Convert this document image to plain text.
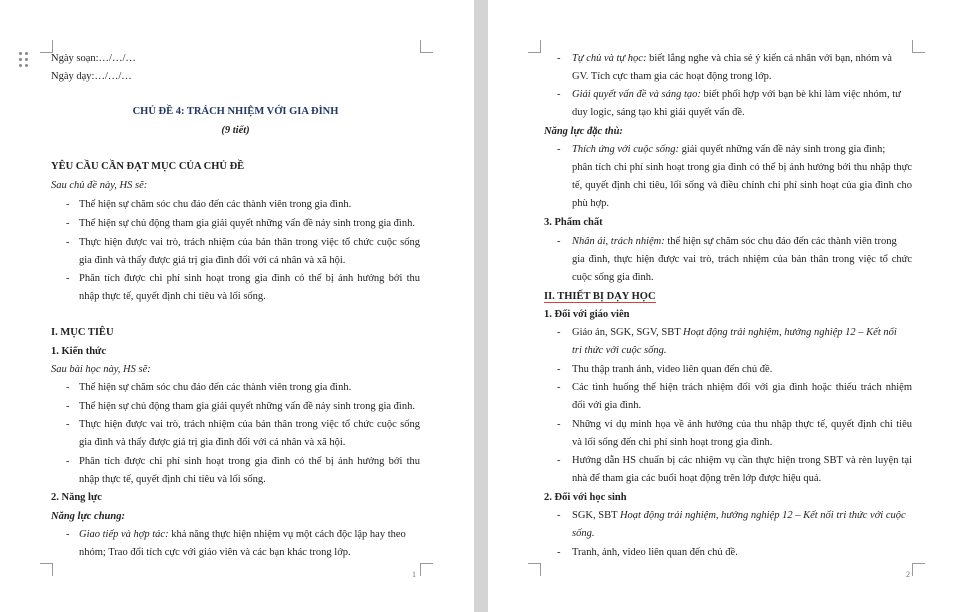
Ngày soạn:…/…/…
Ngày dạy:…/…/…
CHỦ ĐỀ 4: TRÁCH NHIỆM VỚI GIA ĐÌNH
(9 tiết)
YÊU CẦU CẦN ĐẠT MỤC CỦA CHỦ ĐỀ
Sau chủ đề này, HS sẽ:
- Thể hiện sự chăm sóc chu đáo đến các thành viên trong gia đình.
- Thể hiện sự chủ động tham gia giải quyết những vấn đề nảy sinh trong gia đình.
- Thực hiện được vai trò, trách nhiệm của bản thân trong việc tổ chức cuộc sống
gia đình và thấy được giá trị gia đình đối với cá nhân và xã hội.
- Phân tích được chi phí sinh hoạt trong gia đình có thể bị ảnh hưởng bởi thu
nhập thực tế, quyết định chi tiêu và lối sống.
I. MỤC TIÊU
1. Kiến thức
Sau bài học này, HS sẽ:
- Thể hiện sự chăm sóc chu đáo đến các thành viên trong gia đình.
- Thể hiện sự chủ động tham gia giải quyết những vấn đề nảy sinh trong gia đình.
- Thực hiện được vai trò, trách nhiệm của bản thân trong việc tổ chức cuộc sống
gia đình và thấy được giá trị gia đình đối với cá nhân và xã hội.
- Phân tích được chi phí sinh hoạt trong gia đình có thể bị ảnh hưởng bởi thu
nhập thực tế, quyết định chi tiêu và lối sống.
2. Năng lực
Năng lực chung:
- Giao tiếp và hợp tác: khả năng thực hiện nhiệm vụ một cách độc lập hay theo
nhóm; Trao đổi tích cực với giáo viên và các bạn khác trong lớp.
1
- Tự chủ và tự học: biết lắng nghe và chia sẻ ý kiến cá nhân với bạn, nhóm và
GV. Tích cực tham gia các hoạt động trong lớp.
- Giải quyết vấn đề và sáng tạo: biết phối hợp với bạn bè khi làm việc nhóm, tư
duy logic, sáng tạo khi giải quyết vấn đề.
Năng lực đặc thù:
- Thích ứng với cuộc sống: giải quyết những vấn đề nảy sinh trong gia đình;
phân tích chi phí sinh hoạt trong gia đình có thể bị ảnh hưởng bởi thu nhập thực
tế, quyết định chi tiêu, lối sống và điều chỉnh chi phí sinh hoạt của gia đình cho
phù hợp.
3. Phẩm chất
- Nhân ái, trách nhiệm: thể hiện sự chăm sóc chu đáo đến các thành viên trong
gia đình, thực hiện được vai trò, trách nhiệm của bản thân trong việc tổ chức
cuộc sống gia đình.
II. THIẾT BỊ DẠY HỌC
1. Đối với giáo viên
- Giáo án, SGK, SGV, SBT Hoạt động trải nghiệm, hướng nghiệp 12 – Kết nối
tri thức với cuộc sống.
- Thu thập tranh ảnh, video liên quan đến chủ đề.
- Các tình huống thể hiện trách nhiệm đối với gia đình hoặc thiếu trách nhiệm
đối với gia đình.
- Những ví dụ minh họa về ảnh hưởng của thu nhập thực tế, quyết định chi tiêu
và lối sống đến chi phí sinh hoạt trong gia đình.
- Hướng dẫn HS chuẩn bị các nhiệm vụ cần thực hiện trong SBT và rèn luyện tại
nhà để tham gia các buổi hoạt động trên lớp được hiệu quả.
2. Đối với học sinh
- SGK, SBT Hoạt động trải nghiệm, hướng nghiệp 12 – Kết nối tri thức với cuộc
sống.
- Tranh, ảnh, video liên quan đến chủ đề.
2
